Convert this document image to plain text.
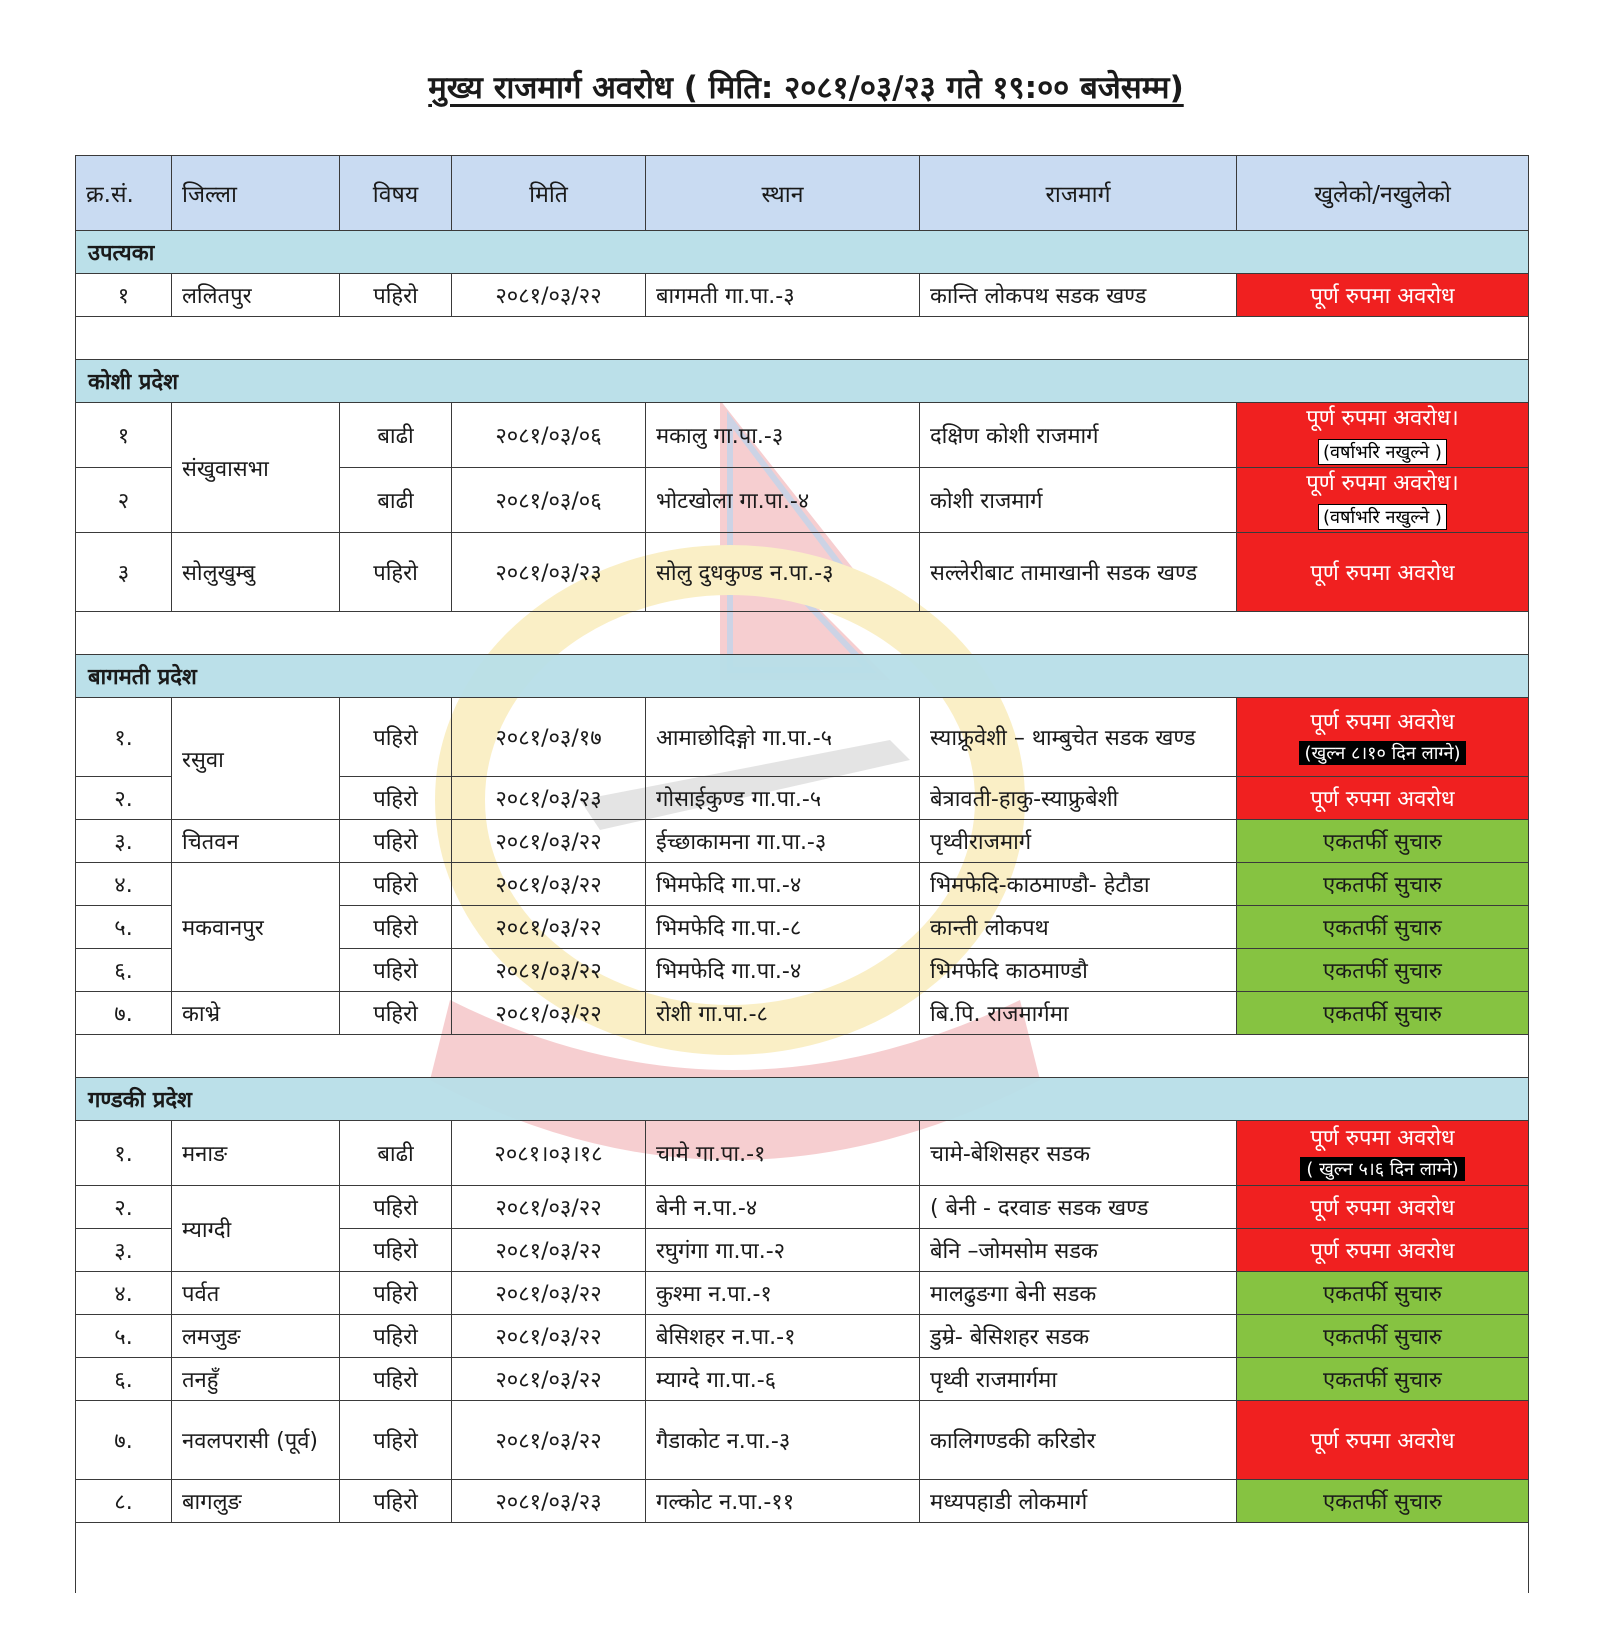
मुख्य राजमार्ग अवरोध ( मिति: २०८१/०३/२३ गते १९:०० बजेसम्म)
क्र.सं.	जिल्ला	विषय	मिति	स्थान	राजमार्ग	खुलेको/नखुलेको
उपत्यका						
१	ललितपुर	पहिरो	२०८१/०३/२२	बागमती गा.पा.-३	कान्ति लोकपथ सडक खण्ड	पूर्ण रुपमा अवरोध

कोशी प्रदेश						
१	संखुवासभा	बाढी	२०८१/०३/०६	मकालु गा.पा.-३	दक्षिण कोशी राजमार्ग	पूर्ण रुपमा अवरोध।
(वर्षाभरि नखुल्ने )
२		बाढी	२०८१/०३/०६	भोटखोला गा.पा.-४	कोशी राजमार्ग	पूर्ण रुपमा अवरोध।
(वर्षाभरि नखुल्ने )
३	सोलुखुम्बु	पहिरो	२०८१/०३/२३	सोलु दुधकुण्ड न.पा.-३	सल्लेरीबाट तामाखानी सडक खण्ड	पूर्ण रुपमा अवरोध

बागमती प्रदेश						
१.	रसुवा	पहिरो	२०८१/०३/१७	आमाछोदिङ्गो गा.पा.-५	स्याफ्रूवेशी – थाम्बुचेत सडक खण्ड	पूर्ण रुपमा अवरोध
(खुल्न ८।१० दिन लाग्ने)
२.		पहिरो	२०८१/०३/२३	गोसाईकुण्ड गा.पा.-५	बेत्रावती-हाकु-स्याफ्रुबेशी	पूर्ण रुपमा अवरोध
३.	चितवन	पहिरो	२०८१/०३/२२	ईच्छाकामना गा.पा.-३	पृथ्वीराजमार्ग	एकतर्फी सुचारु
४.	मकवानपुर	पहिरो	२०८१/०३/२२	भिमफेदि गा.पा.-४	भिमफेदि-काठमाण्डौ- हेटौडा	एकतर्फी सुचारु
५.		पहिरो	२०८१/०३/२२	भिमफेदि गा.पा.-८	कान्ती लोकपथ	एकतर्फी सुचारु
६.		पहिरो	२०८१/०३/२२	भिमफेदि गा.पा.-४	भिमफेदि काठमाण्डौ	एकतर्फी सुचारु
७.	काभ्रे	पहिरो	२०८१/०३/२२	रोशी गा.पा.-८	बि.पि. राजमार्गमा	एकतर्फी सुचारु

गण्डकी प्रदेश						
१.	मनाङ	बाढी	२०८१।०३।१८	चामे गा.पा.-१	चामे-बेशिसहर सडक	पूर्ण रुपमा अवरोध
( खुल्न ५।६ दिन लाग्ने)
२.	म्याग्दी	पहिरो	२०८१/०३/२२	बेनी न.पा.-४	( बेनी - दरवाङ सडक खण्ड	पूर्ण रुपमा अवरोध
३.		पहिरो	२०८१/०३/२२	रघुगंगा गा.पा.-२	बेनि –जोमसोम सडक	पूर्ण रुपमा अवरोध
४.	पर्वत	पहिरो	२०८१/०३/२२	कुश्मा न.पा.-१	मालढुङगा बेनी सडक	एकतर्फी सुचारु
५.	लमजुङ	पहिरो	२०८१/०३/२२	बेसिशहर न.पा.-१	डुम्रे- बेसिशहर सडक	एकतर्फी सुचारु
६.	तनहुँ	पहिरो	२०८१/०३/२२	म्याग्दे गा.पा.-६	पृथ्वी राजमार्गमा	एकतर्फी सुचारु
७.	नवलपरासी (पूर्व)	पहिरो	२०८१/०३/२२	गैडाकोट न.पा.-३	कालिगण्डकी करिडोर	पूर्ण रुपमा अवरोध
८.	बागलुङ	पहिरो	२०८१/०३/२३	गल्कोट न.पा.-११	मध्यपहाडी लोकमार्ग	एकतर्फी सुचारु
